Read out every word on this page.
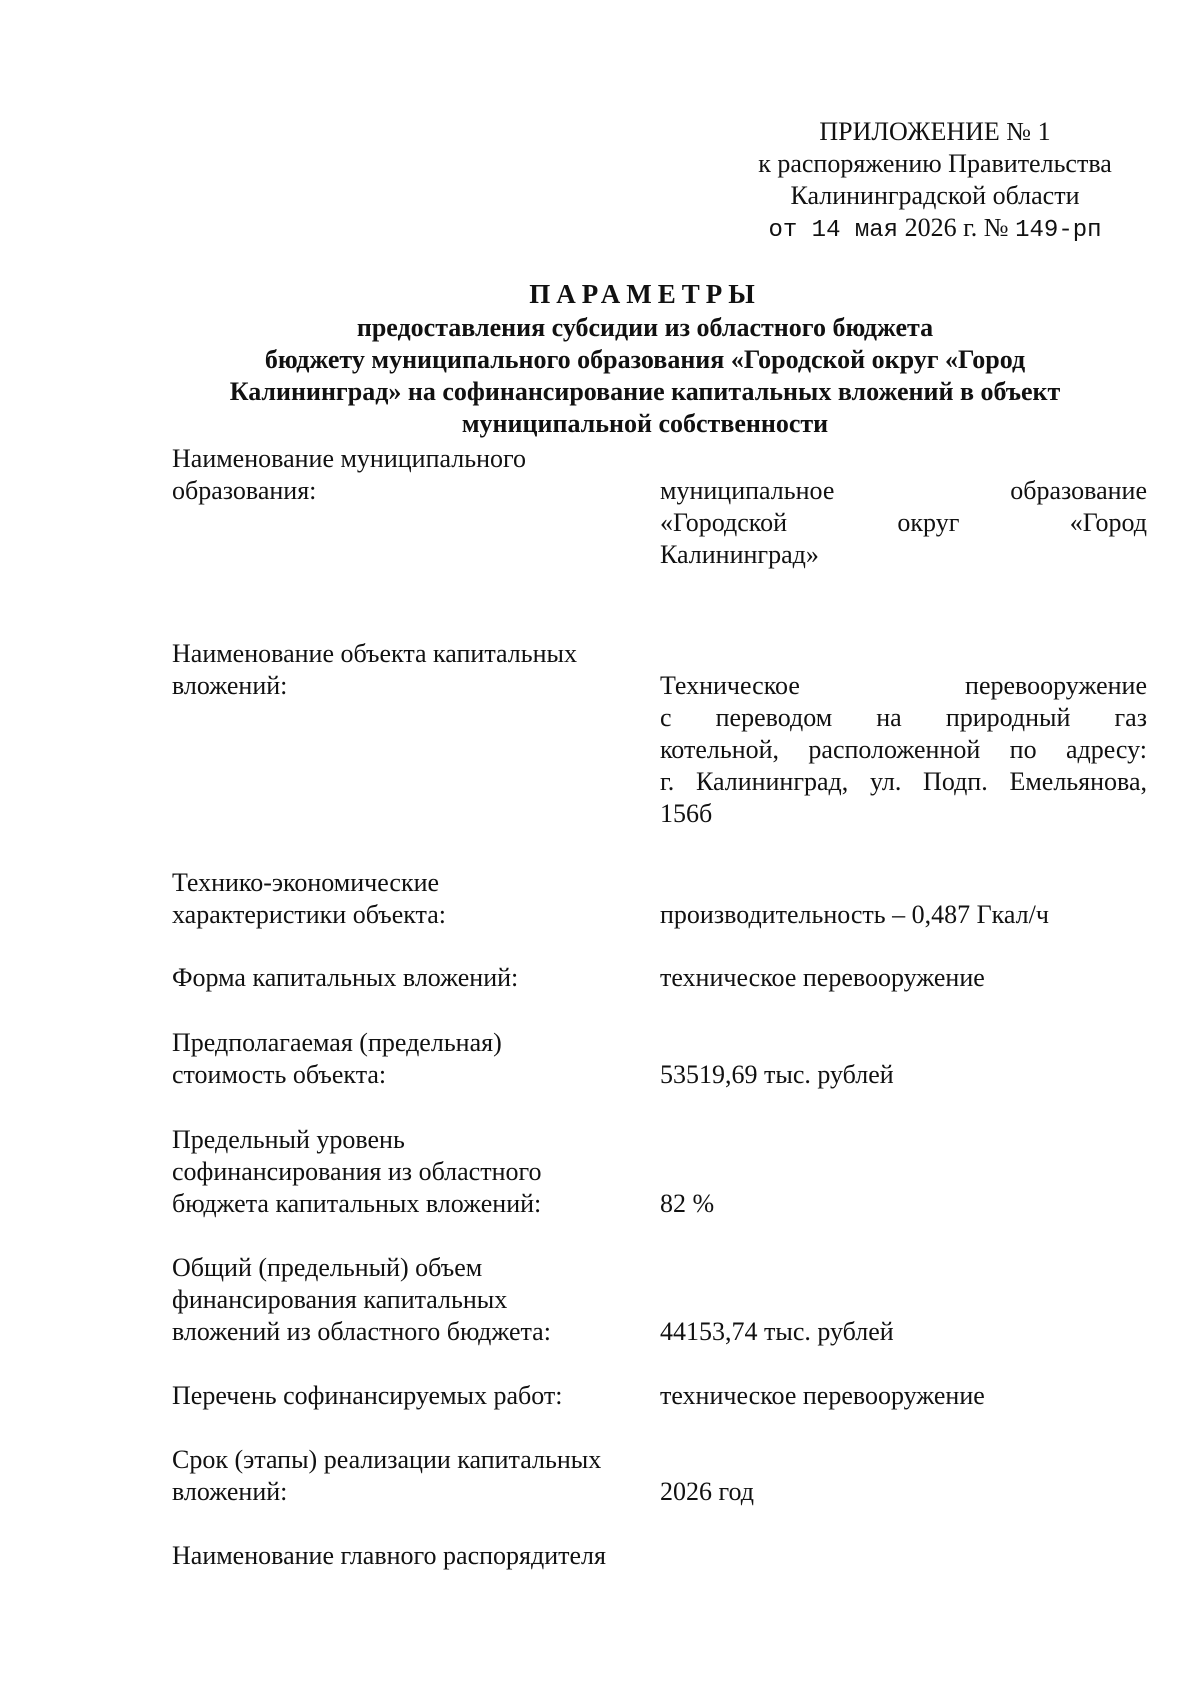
ПРИЛОЖЕНИЕ № 1
к распоряжению Правительства
Калининградской области
от 14 мая 2026 г. № 149-рп
ПАРАМЕТРЫ
предоставления субсидии из областного бюджета
бюджету муниципального образования «Городской округ «Город
Калининград» на софинансирование капитальных вложений в объект
муниципальной собственности
Наименование муниципального
образования:	муниципальное образование
«Городской округ «Город
Калининград»
Наименование объекта капитальных
вложений:	Техническое перевооружение
с переводом на природный газ
котельной, расположенной по адресу:
г. Калининград, ул. Подп. Емельянова,
156б
Технико-экономические
характеристики объекта:	производительность – 0,487 Гкал/ч
Форма капитальных вложений:	техническое перевооружение
Предполагаемая (предельная)
стоимость объекта:	53519,69 тыс. рублей
Предельный уровень
софинансирования из областного
бюджета капитальных вложений:	82 %
Общий (предельный) объем
финансирования капитальных
вложений из областного бюджета:	44153,74 тыс. рублей
Перечень софинансируемых работ:	техническое перевооружение
Срок (этапы) реализации капитальных
вложений:	2026 год
Наименование главного распорядителя
